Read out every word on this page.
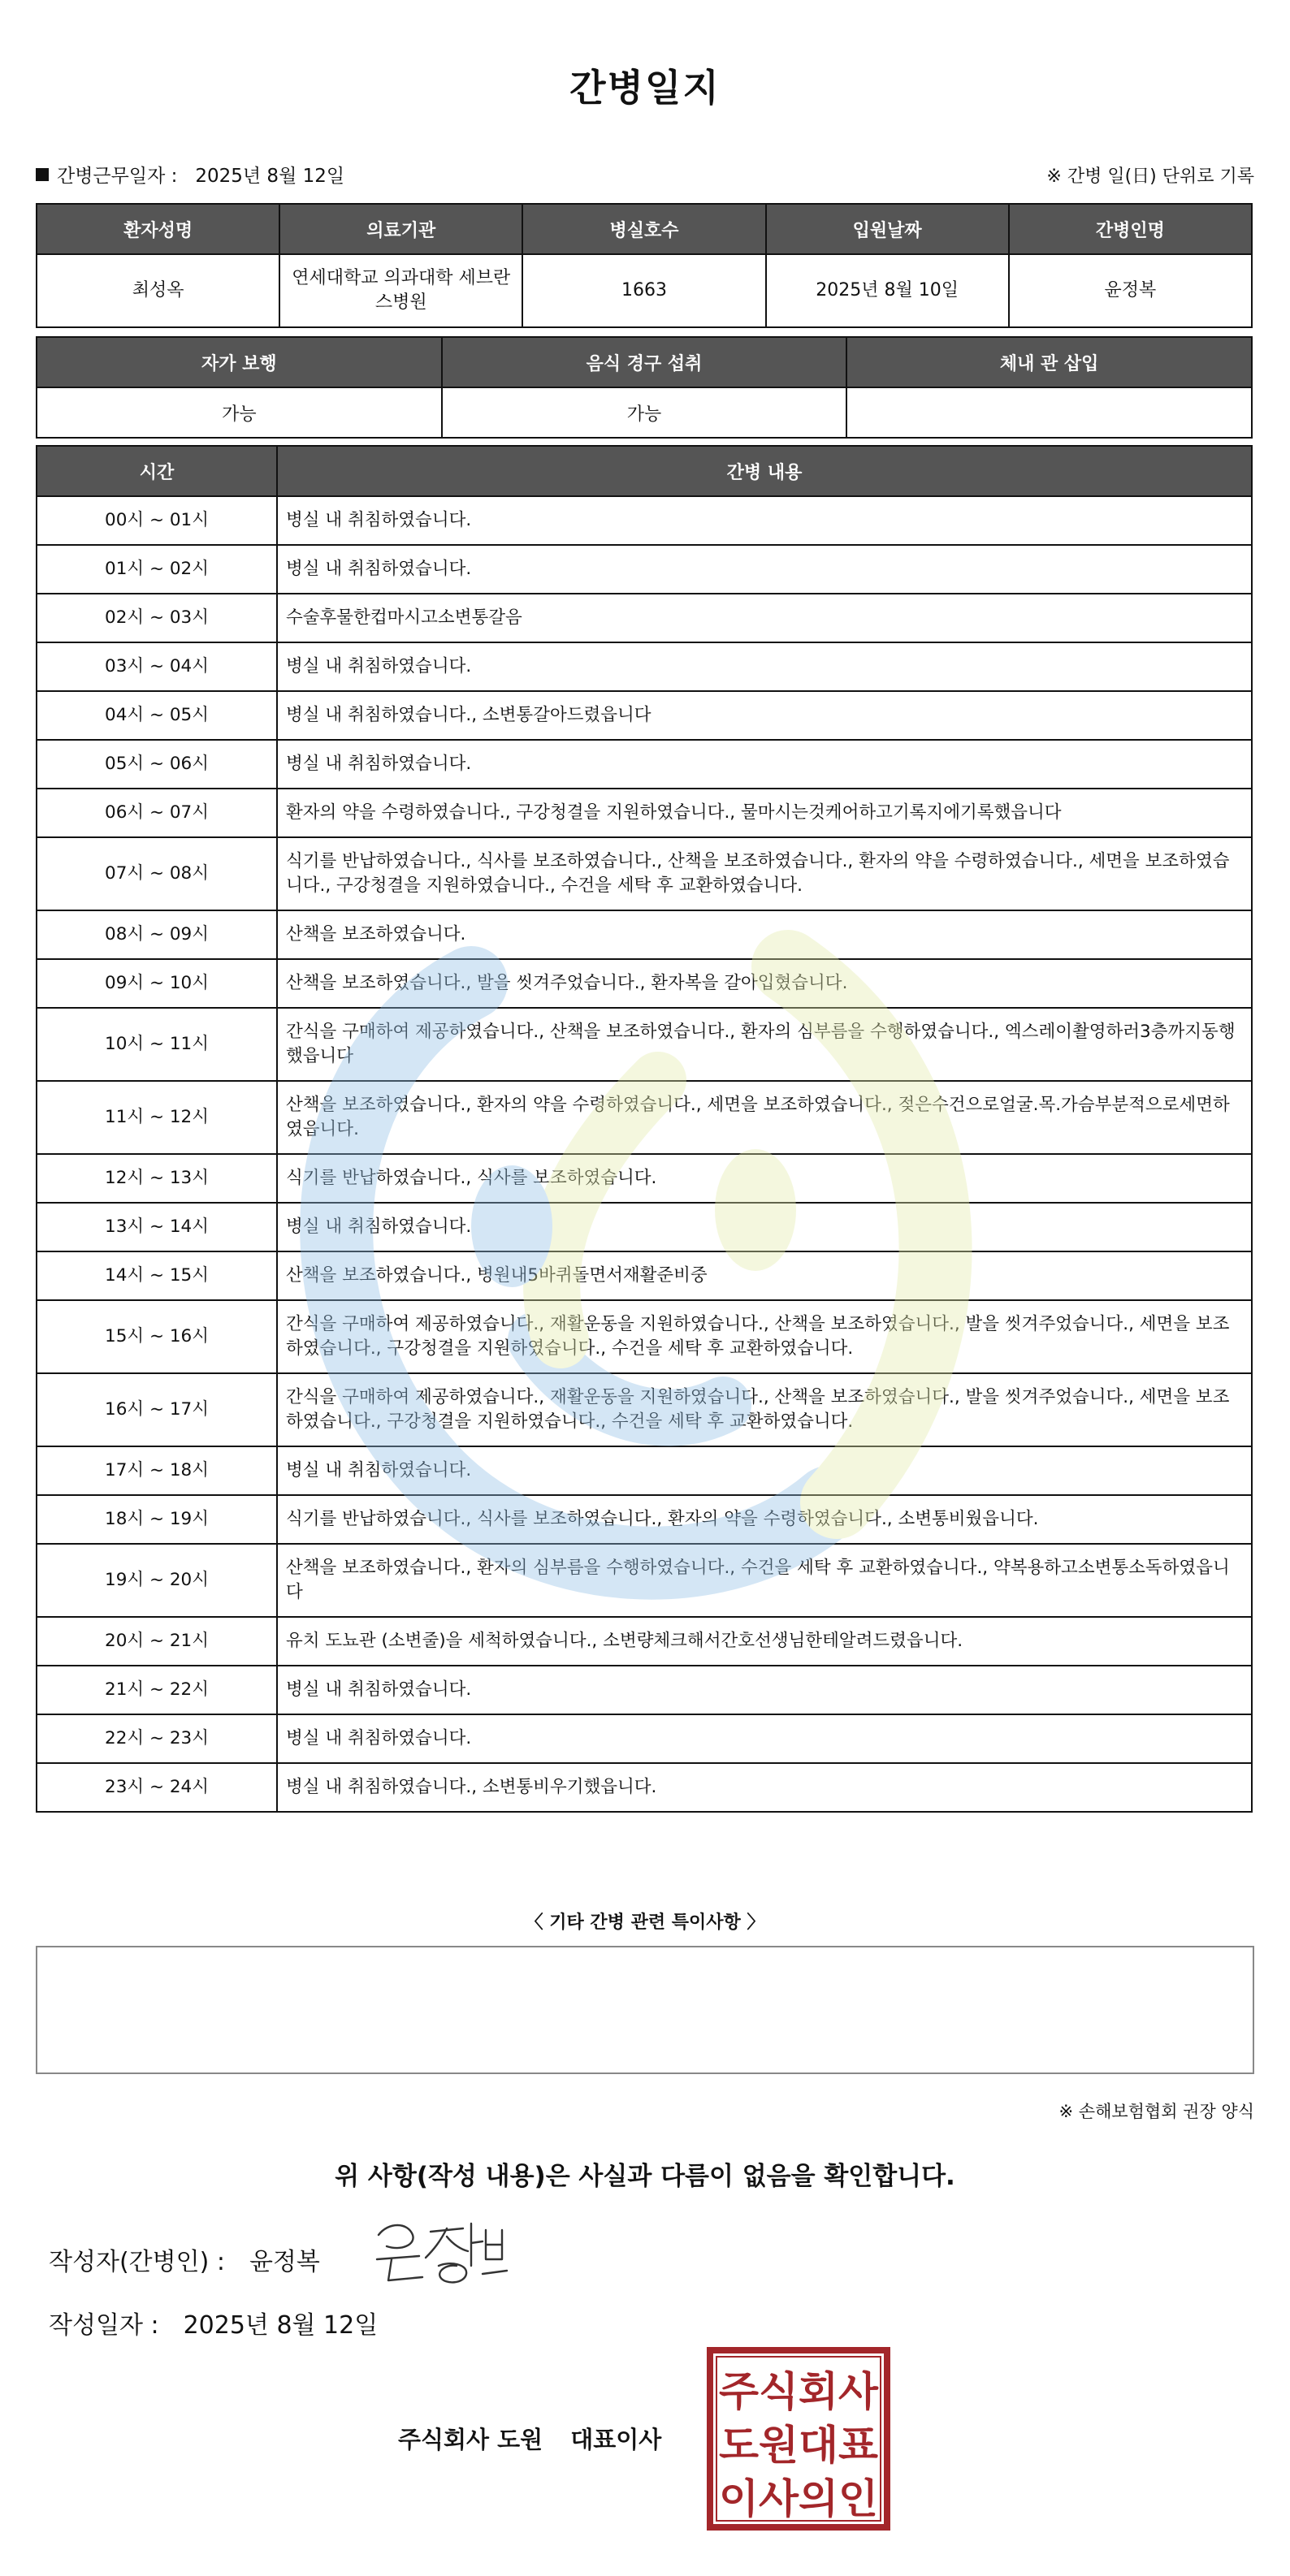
간병일지
간병근무일자 : 2025년 8월 12일	※ 간병 일(日) 단위로 기록
환자성명	의료기관	병실호수	입원날짜	간병인명
최성옥	연세대학교 의과대학 세브란스병원	1663	2025년 8월 10일	윤정복
자가 보행	음식 경구 섭취	체내 관 삽입
가능	가능	
시간	간병 내용
00시 ~ 01시	병실 내 취침하였습니다.
01시 ~ 02시	병실 내 취침하였습니다.
02시 ~ 03시	수술후물한컵마시고소변통갈음
03시 ~ 04시	병실 내 취침하였습니다.
04시 ~ 05시	병실 내 취침하였습니다., 소변통갈아드렸읍니다
05시 ~ 06시	병실 내 취침하였습니다.
06시 ~ 07시	환자의 약을 수령하였습니다., 구강청결을 지원하였습니다., 물마시는것케어하고기록지에기록했읍니다
07시 ~ 08시	식기를 반납하였습니다., 식사를 보조하였습니다., 산책을 보조하였습니다., 환자의 약을 수령하였습니다., 세면을 보조하였습니다., 구강청결을 지원하였습니다., 수건을 세탁 후 교환하였습니다.
08시 ~ 09시	산책을 보조하였습니다.
09시 ~ 10시	산책을 보조하였습니다., 발을 씻겨주었습니다., 환자복을 갈아입혔습니다.
10시 ~ 11시	간식을 구매하여 제공하였습니다., 산책을 보조하였습니다., 환자의 심부름을 수행하였습니다., 엑스레이촬영하러3층까지동행했읍니다
11시 ~ 12시	산책을 보조하였습니다., 환자의 약을 수령하였습니다., 세면을 보조하였습니다., 젖은수건으로얼굴.목.가슴부분적으로세면하였읍니다.
12시 ~ 13시	식기를 반납하였습니다., 식사를 보조하였습니다.
13시 ~ 14시	병실 내 취침하였습니다.
14시 ~ 15시	산책을 보조하였습니다., 병원내5바퀴돌면서재활준비중
15시 ~ 16시	간식을 구매하여 제공하였습니다., 재활운동을 지원하였습니다., 산책을 보조하였습니다., 발을 씻겨주었습니다., 세면을 보조하였습니다., 구강청결을 지원하였습니다., 수건을 세탁 후 교환하였습니다.
16시 ~ 17시	간식을 구매하여 제공하였습니다., 재활운동을 지원하였습니다., 산책을 보조하였습니다., 발을 씻겨주었습니다., 세면을 보조하였습니다., 구강청결을 지원하였습니다., 수건을 세탁 후 교환하였습니다.
17시 ~ 18시	병실 내 취침하였습니다.
18시 ~ 19시	식기를 반납하였습니다., 식사를 보조하였습니다., 환자의 약을 수령하였습니다., 소변통비웠읍니다.
19시 ~ 20시	산책을 보조하였습니다., 환자의 심부름을 수행하였습니다., 수건을 세탁 후 교환하였습니다., 약복용하고소변통소독하였읍니다
20시 ~ 21시	유치 도뇨관 (소변줄)을 세척하였습니다., 소변량체크해서간호선생님한테알려드렸읍니다.
21시 ~ 22시	병실 내 취침하였습니다.
22시 ~ 23시	병실 내 취침하였습니다.
23시 ~ 24시	병실 내 취침하였습니다., 소변통비우기했읍니다.
〈 기타 간병 관련 특이사항 〉
※ 손해보험협회 권장 양식
위 사항(작성 내용)은 사실과 다름이 없음을 확인합니다.
작성자(간병인) : 윤정복
작성일자 : 2025년 8월 12일
주식회사 도원 대표이사
주식회사
도원대표
이사의인
